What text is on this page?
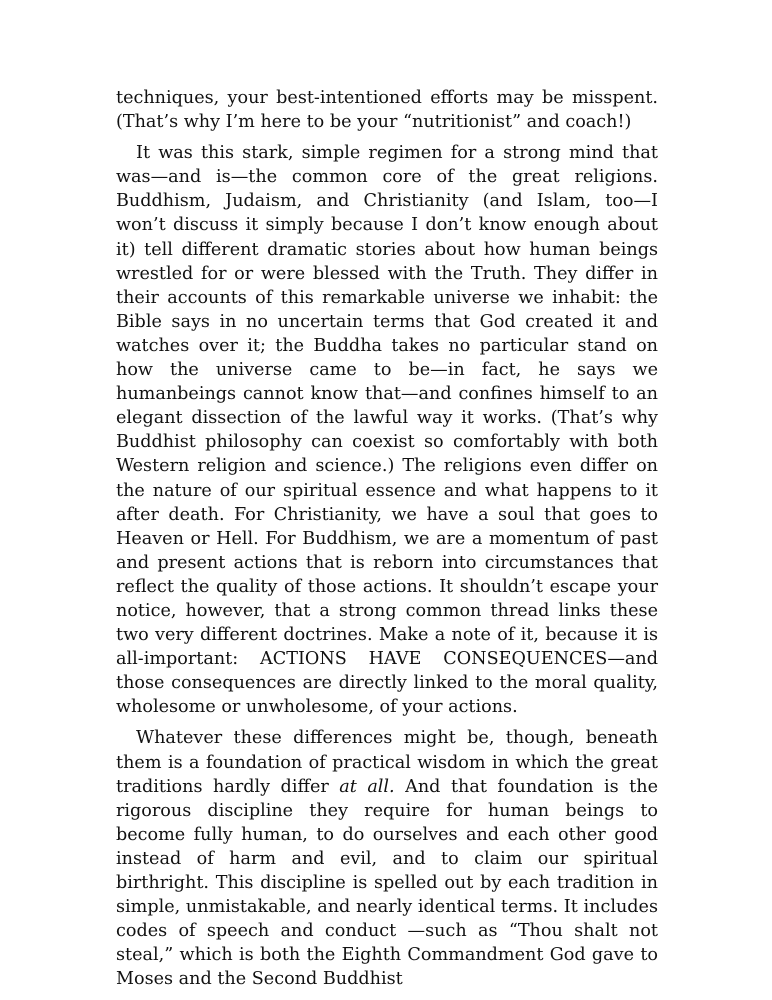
techniques, your best-intentioned efforts may be misspent. (That’s why I’m here to be your “nutritionist” and coach!)

It was this stark, simple regimen for a strong mind that was—and is—the common core of the great religions. Buddhism, Judaism, and Christianity (and Islam, too—I won’t discuss it simply because I don’t know enough about it) tell different dramatic stories about how human beings wrestled for or were blessed with the Truth. They differ in their accounts of this remarkable universe we inhabit: the Bible says in no uncertain terms that God created it and watches over it; the Buddha takes no particular stand on how the universe came to be—in fact, he says we humanbeings cannot know that—and confines himself to an elegant dissection of the lawful way it works. (That’s why Buddhist philosophy can coexist so comfortably with both Western religion and science.) The religions even differ on the nature of our spiritual essence and what happens to it after death. For Christianity, we have a soul that goes to Heaven or Hell. For Buddhism, we are a momentum of past and present actions that is reborn into circumstances that reflect the quality of those actions. It shouldn’t escape your notice, however, that a strong common thread links these two very different doctrines. Make a note of it, because it is all-important: ACTIONS HAVE CONSEQUENCES—and those consequences are directly linked to the moral quality, wholesome or unwholesome, of your actions.

Whatever these differences might be, though, beneath them is a foundation of practical wisdom in which the great traditions hardly differ at all. And that foundation is the rigorous discipline they require for human beings to become fully human, to do ourselves and each other good instead of harm and evil, and to claim our spiritual birthright. This discipline is spelled out by each tradition in simple, unmistakable, and nearly identical terms. It includes codes of speech and conduct —such as “Thou shalt not steal,” which is both the Eighth Commandment God gave to Moses and the Second Buddhist
